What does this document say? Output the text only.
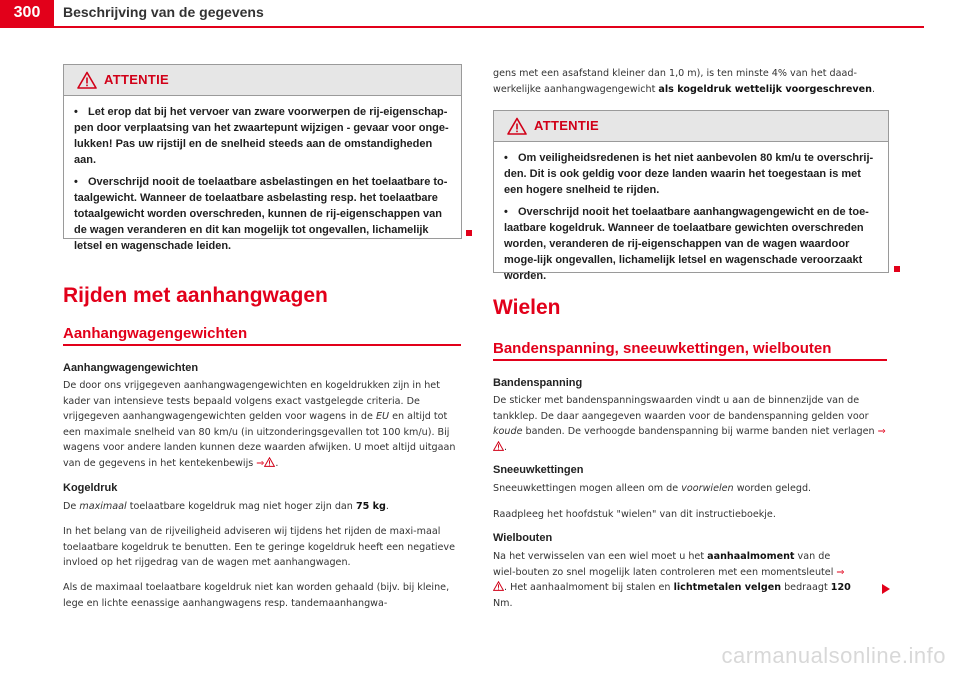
300	Beschrijving van de gegevens
ATTENTIE

• Let erop dat bij het vervoer van zware voorwerpen de rij-eigenschap-pen door verplaatsing van het zwaartepunt wijzigen - gevaar voor onge-lukken! Pas uw rijstijl en de snelheid steeds aan de omstandigheden aan.

• Overschrijd nooit de toelaatbare asbelastingen en het toelaatbare to-taalgewicht. Wanneer de toelaatbare asbelasting resp. het toelaatbare totaalgewicht worden overschreden, kunnen de rij-eigenschappen van de wagen veranderen en dit kan mogelijk tot ongevallen, lichamelijk letsel en wagenschade leiden.

Rijden met aanhangwagen
Aanhangwagengewichten
Aanhangwagengewichten

De door ons vrijgegeven aanhangwagengewichten en kogeldrukken zijn in het kader van intensieve tests bepaald volgens exact vastgelegde criteria. De vrijgegeven aanhangwagengewichten gelden voor wagens in de EU en altijd tot een maximale snelheid van 80 km/u (in uitzonderingsgevallen tot 100 km/u). Bij wagens voor andere landen kunnen deze waarden afwijken. U moet altijd uitgaan van de gegevens in het kentekenbewijs ⇒ .

Kogeldruk

De maximaal toelaatbare kogeldruk mag niet hoger zijn dan 75 kg.

In het belang van de rijveiligheid adviseren wij tijdens het rijden de maxi-maal toelaatbare kogeldruk te benutten. Een te geringe kogeldruk heeft een negatieve invloed op het rijgedrag van de wagen met aanhangwagen.

Als de maximaal toelaatbare kogeldruk niet kan worden gehaald (bijv. bij kleine, lege en lichte eenassige aanhangwagens resp. tandemaanhangwa-

gens met een asafstand kleiner dan 1,0 m), is ten minste 4% van het daad-werkelijke aanhangwagengewicht als kogeldruk wettelijk voorgeschreven.

ATTENTIE

• Om veiligheidsredenen is het niet aanbevolen 80 km/u te overschrij-den. Dit is ook geldig voor deze landen waarin het toegestaan is met een hogere snelheid te rijden.

• Overschrijd nooit het toelaatbare aanhangwagengewicht en de toe-laatbare kogeldruk. Wanneer de toelaatbare gewichten overschreden worden, veranderen de rij-eigenschappen van de wagen waardoor moge-lijk ongevallen, lichamelijk letsel en wagenschade veroorzaakt worden.

Wielen
Bandenspanning, sneeuwkettingen, wielbouten
Bandenspanning

De sticker met bandenspanningswaarden vindt u aan de binnenzijde van de tankklep. De daar aangegeven waarden voor de bandenspanning gelden voor koude banden. De verhoogde bandenspanning bij warme banden niet verlagen ⇒.

Sneeuwkettingen

Sneeuwkettingen mogen alleen om de voorwielen worden gelegd.

Raadpleeg het hoofdstuk "wielen" van dit instructieboekje.

Wielbouten

Na het verwisselen van een wiel moet u het aanhaalmoment van de wiel-bouten zo snel mogelijk laten controleren met een momentsleutel ⇒. Het aanhaalmoment bij stalen en lichtmetalen velgen bedraagt 120 Nm.

carmanualsonline.info
